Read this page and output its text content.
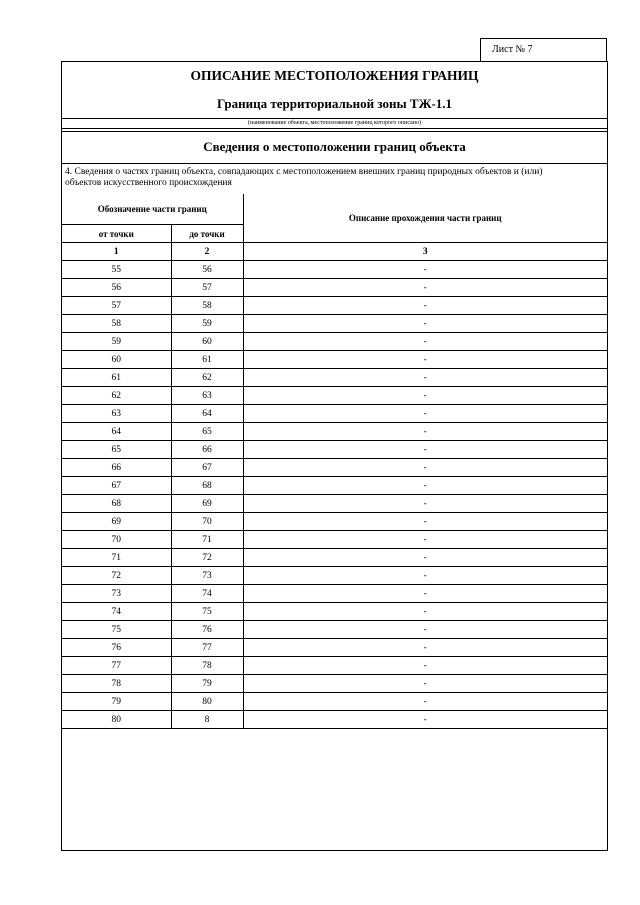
Лист № 7
ОПИСАНИЕ МЕСТОПОЛОЖЕНИЯ ГРАНИЦ
Граница территориальной зоны ТЖ-1.1
(наименование объекта, местоположение границ которого описано)
Сведения о местоположении границ объекта
4. Сведения о частях границ объекта, совпадающих с местоположением внешних границ природных объектов и (или) объектов искусственного происхождения
Обозначение части границ		Описание прохождения части границ
от точки	до точки	
1	2	3
55	56	-
56	57	-
57	58	-
58	59	-
59	60	-
60	61	-
61	62	-
62	63	-
63	64	-
64	65	-
65	66	-
66	67	-
67	68	-
68	69	-
69	70	-
70	71	-
71	72	-
72	73	-
73	74	-
74	75	-
75	76	-
76	77	-
77	78	-
78	79	-
79	80	-
80	8	-
